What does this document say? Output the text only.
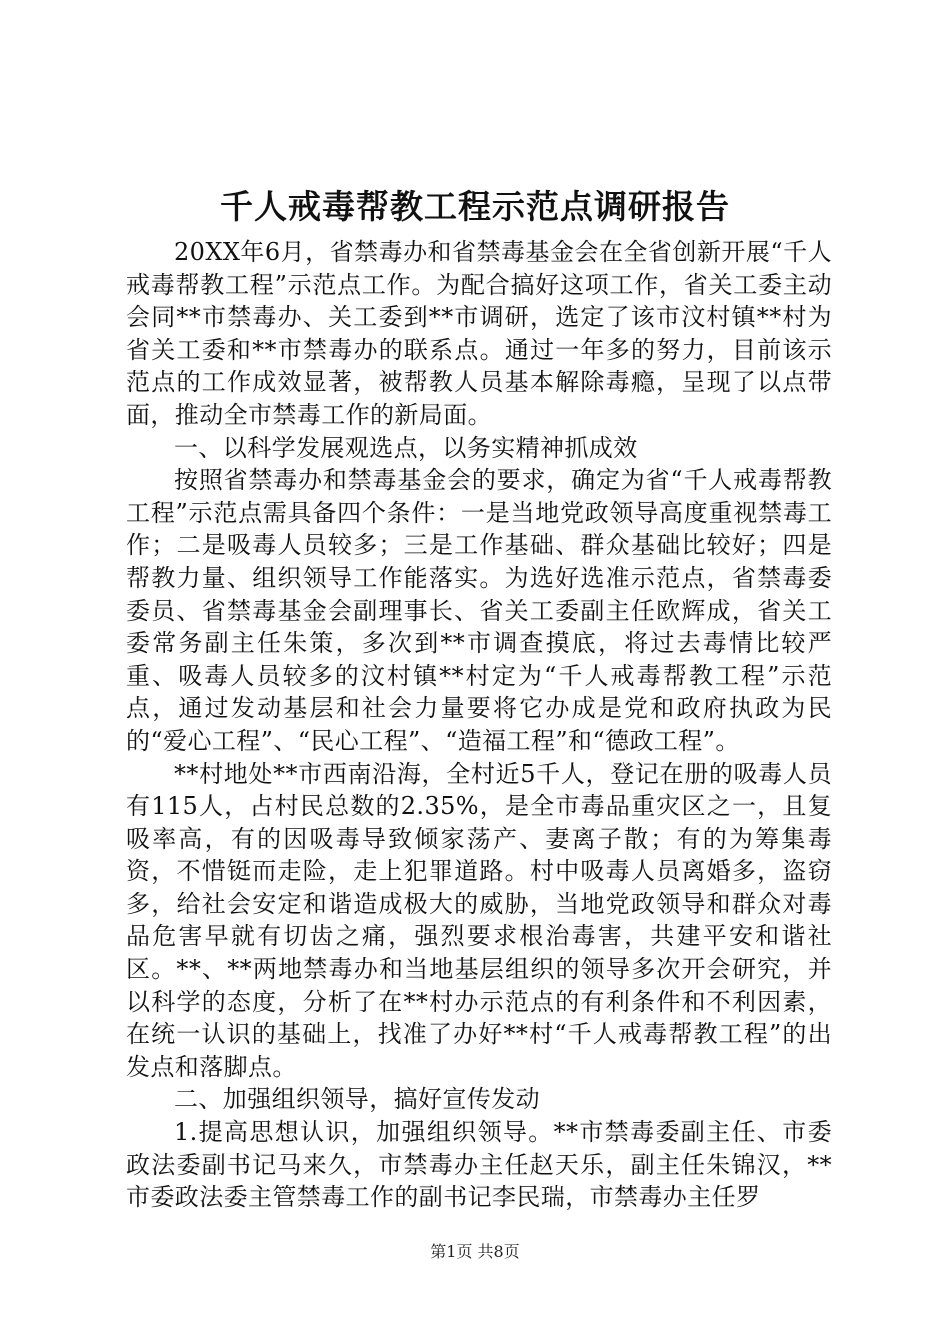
千人戒毒帮教工程示范点调研报告

20XX年6月，省禁毒办和省禁毒基金会在全省创新开展“千人戒毒帮教工程”示范点工作。为配合搞好这项工作，省关工委主动会同**市禁毒办、关工委到**市调研，选定了该市汶村镇**村为省关工委和**市禁毒办的联系点。通过一年多的努力，目前该示范点的工作成效显著，被帮教人员基本解除毒瘾，呈现了以点带面，推动全市禁毒工作的新局面。

一、以科学发展观选点，以务实精神抓成效

按照省禁毒办和禁毒基金会的要求，确定为省“千人戒毒帮教工程”示范点需具备四个条件：一是当地党政领导高度重视禁毒工作；二是吸毒人员较多；三是工作基础、群众基础比较好；四是帮教力量、组织领导工作能落实。为选好选准示范点，省禁毒委委员、省禁毒基金会副理事长、省关工委副主任欧辉成，省关工委常务副主任朱策，多次到**市调查摸底，将过去毒情比较严重、吸毒人员较多的汶村镇**村定为“千人戒毒帮教工程”示范点，通过发动基层和社会力量要将它办成是党和政府执政为民的“爱心工程”、“民心工程”、“造福工程”和“德政工程”。

**村地处**市西南沿海，全村近5千人，登记在册的吸毒人员有115人，占村民总数的2.35%，是全市毒品重灾区之一，且复吸率高，有的因吸毒导致倾家荡产、妻离子散；有的为筹集毒资，不惜铤而走险，走上犯罪道路。村中吸毒人员离婚多，盗窃多，给社会安定和谐造成极大的威胁，当地党政领导和群众对毒品危害早就有切齿之痛，强烈要求根治毒害，共建平安和谐社区。**、**两地禁毒办和当地基层组织的领导多次开会研究，并以科学的态度，分析了在**村办示范点的有利条件和不利因素，在统一认识的基础上，找准了办好**村“千人戒毒帮教工程”的出发点和落脚点。

二、加强组织领导，搞好宣传发动

1.提高思想认识，加强组织领导。**市禁毒委副主任、市委政法委副书记马来久，市禁毒办主任赵天乐，副主任朱锦汉，**市委政法委主管禁毒工作的副书记李民瑞，市禁毒办主任罗

第1页 共8页
